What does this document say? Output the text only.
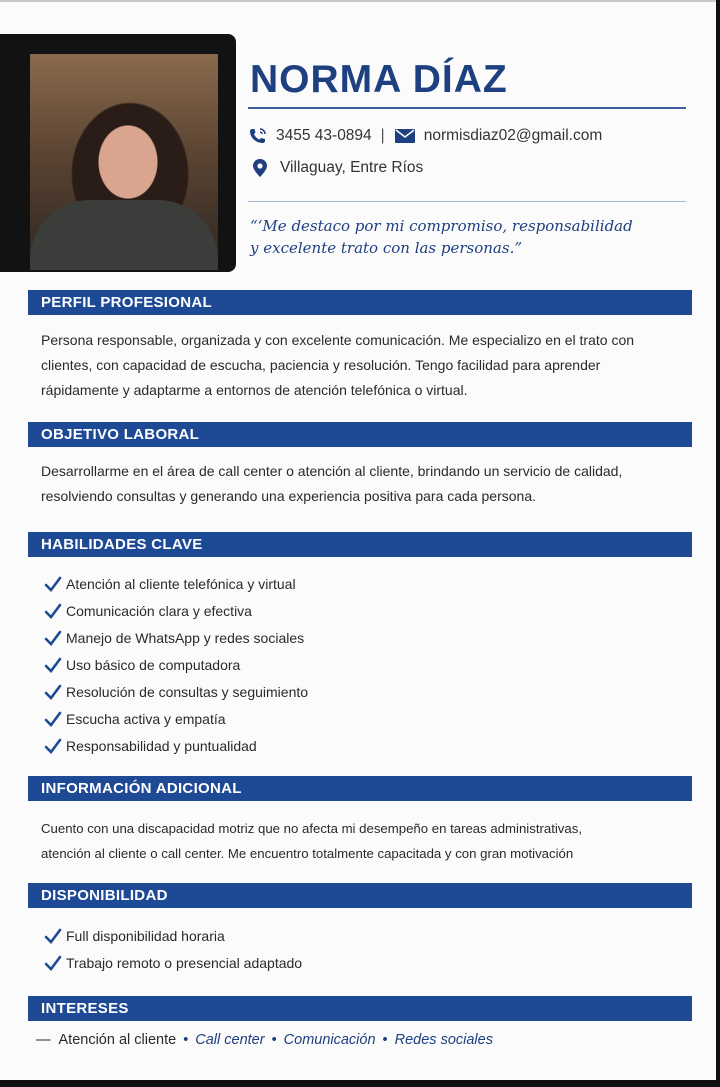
NORMA DÍAZ
3455 43-0894 |	normisdiaz02@gmail.com
Villaguay, Entre Ríos
“‘Me destaco por mi compromiso, responsabilidad
y excelente trato con las personas.”
PERFIL PROFESIONAL
Persona responsable, organizada y con excelente comunicación. Me especializo en el trato con
clientes, con capacidad de escucha, paciencia y resolución. Tengo facilidad para aprender
rápidamente y adaptarme a entornos de atención telefónica o virtual.
OBJETIVO LABORAL
Desarrollarme en el área de call center o atención al cliente, brindando un servicio de calidad,
resolviendo consultas y generando una experiencia positiva para cada persona.
HABILIDADES CLAVE
Atención al cliente telefónica y virtual
Comunicación clara y efectiva
Manejo de WhatsApp y redes sociales
Uso básico de computadora
Resolución de consultas y seguimiento
Escucha activa y empatía
Responsabilidad y puntualidad
INFORMACIÓN ADICIONAL
Cuento con una discapacidad motriz que no afecta mi desempeño en tareas administrativas,
atención al cliente o call center. Me encuentro totalmente capacitada y con gran motivación
DISPONIBILIDAD
Full disponibilidad horaria
Trabajo remoto o presencial adaptado
INTERESES
— Atención al cliente • Call center • Comunicación • Redes sociales
